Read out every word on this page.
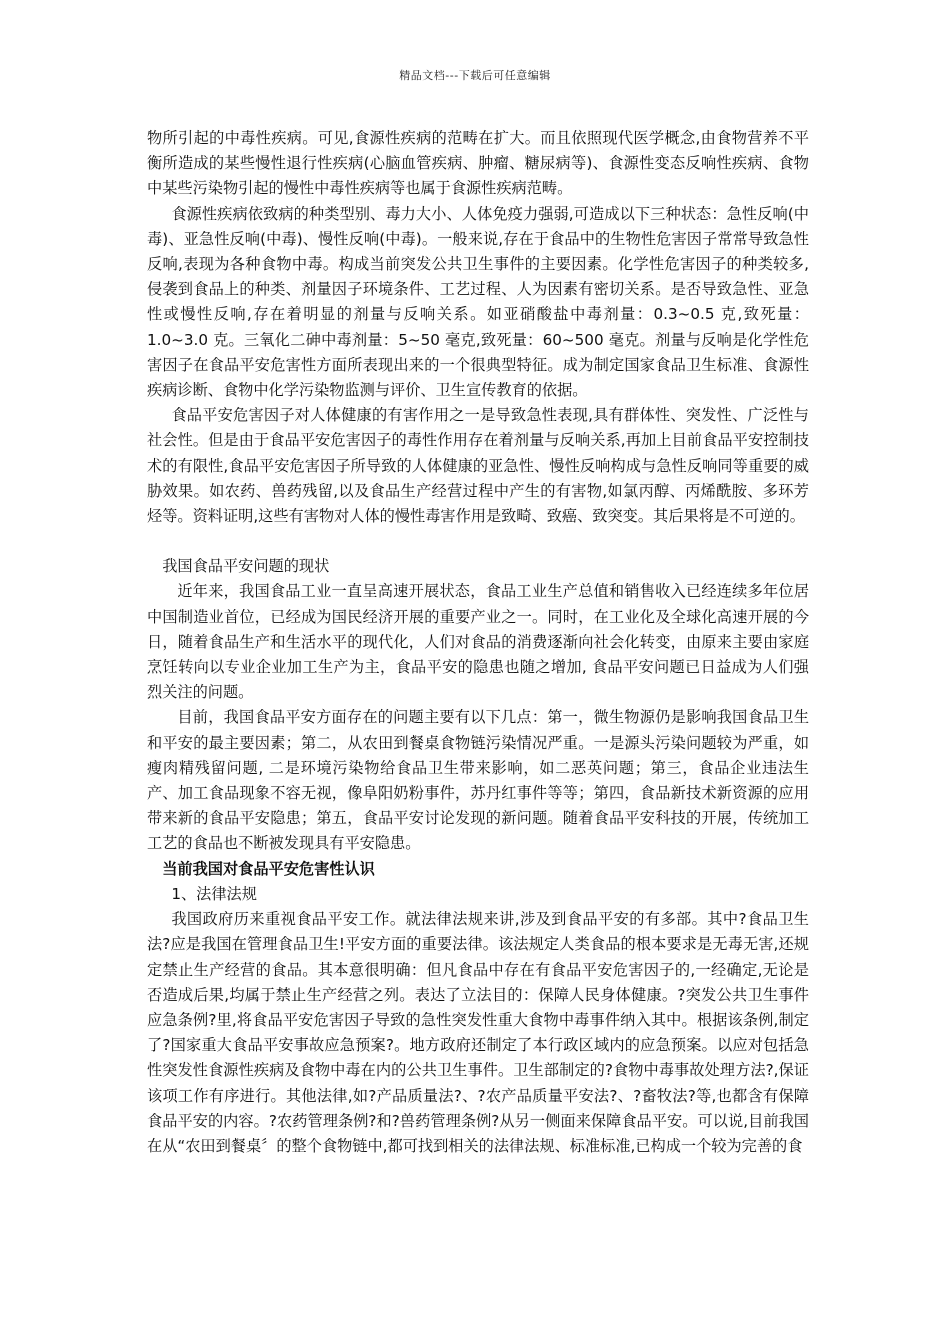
精品文档---下载后可任意编辑

物所引起的中毒性疾病。可见,食源性疾病的范畴在扩大。而且依照现代医学概念,由食物营养不平衡所造成的某些慢性退行性疾病(心脑血管疾病、肿瘤、糖尿病等)、食源性变态反响性疾病、食物中某些污染物引起的慢性中毒性疾病等也属于食源性疾病范畴。

食源性疾病依致病的种类型别、毒力大小、人体免疫力强弱,可造成以下三种状态：急性反响(中毒)、亚急性反响(中毒)、慢性反响(中毒)。一般来说,存在于食品中的生物性危害因子常常导致急性反响,表现为各种食物中毒。构成当前突发公共卫生事件的主要因素。化学性危害因子的种类较多,侵袭到食品上的种类、剂量因子环境条件、工艺过程、人为因素有密切关系。是否导致急性、亚急性或慢性反响,存在着明显的剂量与反响关系。如亚硝酸盐中毒剂量：0.3~0.5 克,致死量：1.0~3.0 克。三氧化二砷中毒剂量：5~50 毫克,致死量：60~500 毫克。剂量与反响是化学性危害因子在食品平安危害性方面所表现出来的一个很典型特征。成为制定国家食品卫生标准、食源性疾病诊断、食物中化学污染物监测与评价、卫生宣传教育的依据。

食品平安危害因子对人体健康的有害作用之一是导致急性表现,具有群体性、突发性、广泛性与社会性。但是由于食品平安危害因子的毒性作用存在着剂量与反响关系,再加上目前食品平安控制技术的有限性,食品平安危害因子所导致的人体健康的亚急性、慢性反响构成与急性反响同等重要的威胁效果。如农药、兽药残留,以及食品生产经营过程中产生的有害物,如氯丙醇、丙烯酰胺、多环芳烃等。资料证明,这些有害物对人体的慢性毒害作用是致畸、致癌、致突变。其后果将是不可逆的。

我国食品平安问题的现状

近年来，我国食品工业一直呈高速开展状态，食品工业生产总值和销售收入已经连续多年位居中国制造业首位，已经成为国民经济开展的重要产业之一。同时，在工业化及全球化高速开展的今日，随着食品生产和生活水平的现代化，人们对食品的消费逐渐向社会化转变，由原来主要由家庭烹饪转向以专业企业加工生产为主，食品平安的隐患也随之增加, 食品平安问题已日益成为人们强烈关注的问题。

目前，我国食品平安方面存在的问题主要有以下几点：第一，微生物源仍是影响我国食品卫生和平安的最主要因素；第二，从农田到餐桌食物链污染情况严重。一是源头污染问题较为严重，如瘦肉精残留问题, 二是环境污染物给食品卫生带来影响，如二恶英问题；第三，食品企业违法生产、加工食品现象不容无视，像阜阳奶粉事件，苏丹红事件等等；第四，食品新技术新资源的应用带来新的食品平安隐患；第五，食品平安讨论发现的新问题。随着食品平安科技的开展，传统加工工艺的食品也不断被发现具有平安隐患。

当前我国对食品平安危害性认识

1、法律法规

我国政府历来重视食品平安工作。就法律法规来讲,涉及到食品平安的有多部。其中?食品卫生法?应是我国在管理食品卫生!平安方面的重要法律。该法规定人类食品的根本要求是无毒无害,还规定禁止生产经营的食品。其本意很明确：但凡食品中存在有食品平安危害因子的,一经确定,无论是否造成后果,均属于禁止生产经营之列。表达了立法目的：保障人民身体健康。?突发公共卫生事件应急条例?里,将食品平安危害因子导致的急性突发性重大食物中毒事件纳入其中。根据该条例,制定了?国家重大食品平安事故应急预案?。地方政府还制定了本行政区域内的应急预案。以应对包括急性突发性食源性疾病及食物中毒在内的公共卫生事件。卫生部制定的?食物中毒事故处理方法?,保证该项工作有序进行。其他法律,如?产品质量法?、?农产品质量平安法?、?畜牧法?等,也都含有保障食品平安的内容。?农药管理条例?和?兽药管理条例?从另一侧面来保障食品平安。可以说,目前我国在从“农田到餐桌〞的整个食物链中,都可找到相关的法律法规、标准标准,已构成一个较为完善的食
